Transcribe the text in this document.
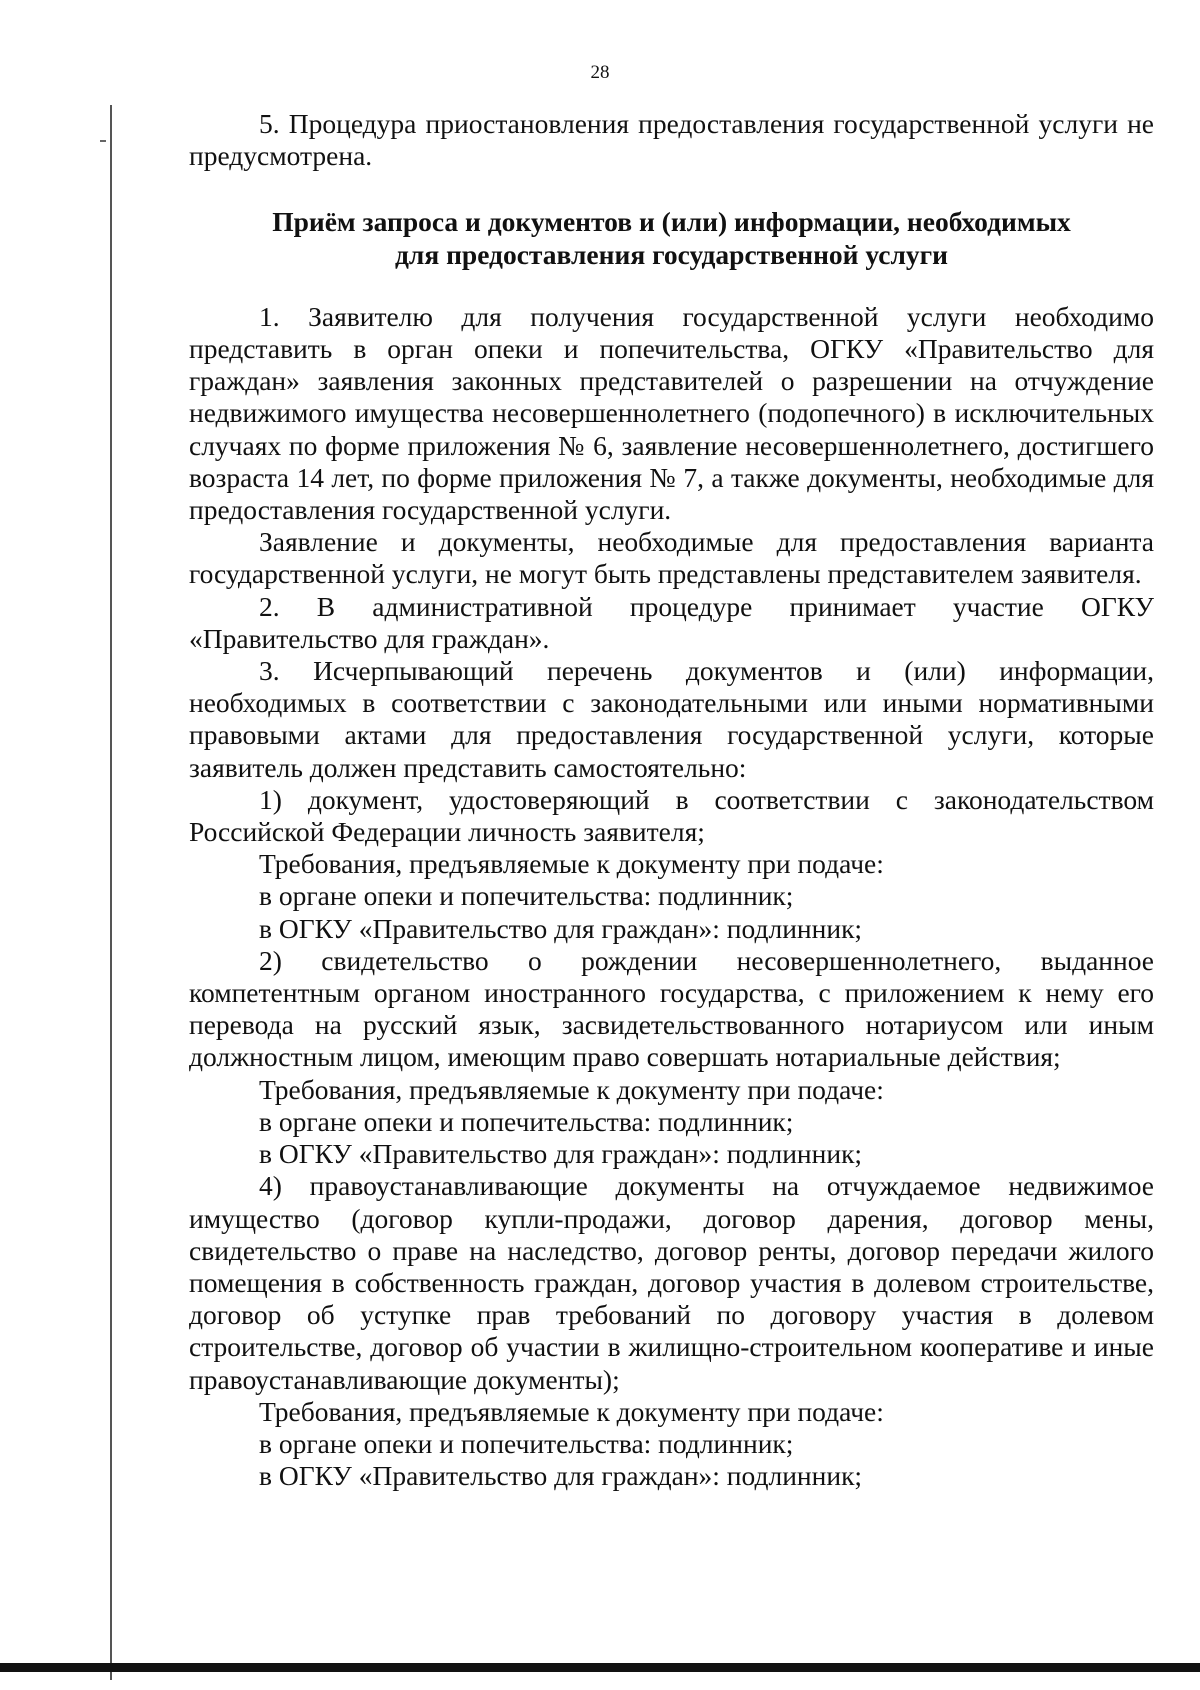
28

5. Процедура приостановления предоставления государственной услуги не предусмотрена.

Приём запроса и документов и (или) информации, необходимых
для предоставления государственной услуги

1. Заявителю для получения государственной услуги необходимо представить в орган опеки и попечительства, ОГКУ «Правительство для граждан» заявления законных представителей о разрешении на отчуждение недвижимого имущества несовершеннолетнего (подопечного) в исключительных случаях по форме приложения № 6, заявление несовершеннолетнего, достигшего возраста 14 лет, по форме приложения № 7, а также документы, необходимые для предоставления государственной услуги.

Заявление и документы, необходимые для предоставления варианта государственной услуги, не могут быть представлены представителем заявителя.

2. В административной процедуре принимает участие ОГКУ «Правительство для граждан».

3. Исчерпывающий перечень документов и (или) информации, необходимых в соответствии с законодательными или иными нормативными правовыми актами для предоставления государственной услуги, которые заявитель должен представить самостоятельно:

1) документ, удостоверяющий в соответствии с законодательством Российской Федерации личность заявителя;

Требования, предъявляемые к документу при подаче:

в органе опеки и попечительства: подлинник;

в ОГКУ «Правительство для граждан»: подлинник;

2) свидетельство о рождении несовершеннолетнего, выданное компетентным органом иностранного государства, с приложением к нему его перевода на русский язык, засвидетельствованного нотариусом или иным должностным лицом, имеющим право совершать нотариальные действия;

Требования, предъявляемые к документу при подаче:

в органе опеки и попечительства: подлинник;

в ОГКУ «Правительство для граждан»: подлинник;

4) правоустанавливающие документы на отчуждаемое недвижимое имущество (договор купли-продажи, договор дарения, договор мены, свидетельство о праве на наследство, договор ренты, договор передачи жилого помещения в собственность граждан, договор участия в долевом строительстве, договор об уступке прав требований по договору участия в долевом строительстве, договор об участии в жилищно-строительном кооперативе и иные правоустанавливающие документы);

Требования, предъявляемые к документу при подаче:

в органе опеки и попечительства: подлинник;

в ОГКУ «Правительство для граждан»: подлинник;
